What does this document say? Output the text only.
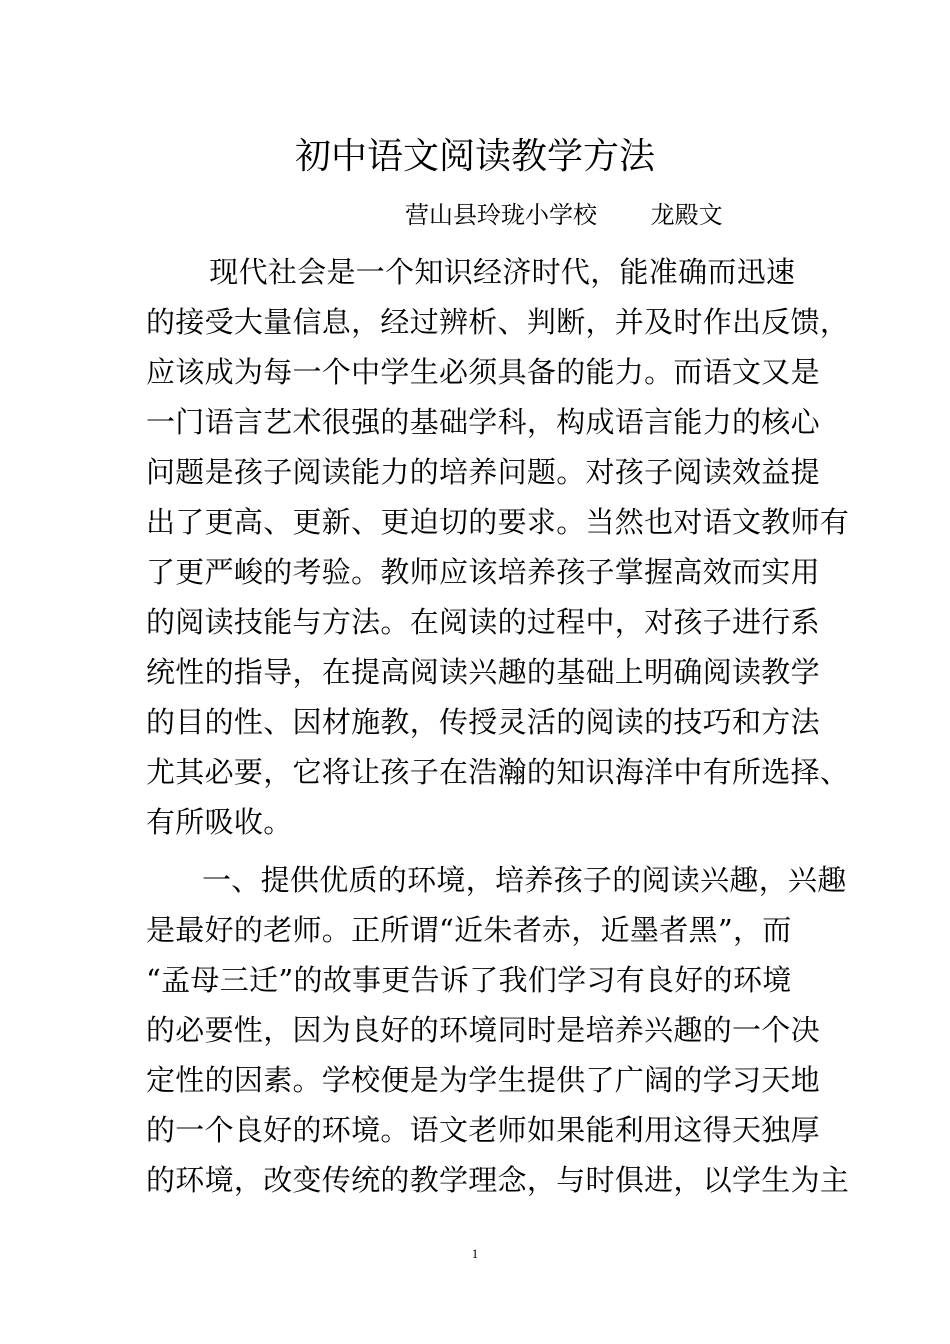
初中语文阅读教学方法
营山县玲珑小学校 龙殿文
　现代社会是一个知识经济时代，能准确而迅速
的接受大量信息，经过辨析、判断，并及时作出反馈，
应该成为每一个中学生必须具备的能力。而语文又是
一门语言艺术很强的基础学科，构成语言能力的核心
问题是孩子阅读能力的培养问题。对孩子阅读效益提
出了更高、更新、更迫切的要求。当然也对语文教师有
了更严峻的考验。教师应该培养孩子掌握高效而实用
的阅读技能与方法。在阅读的过程中，对孩子进行系
统性的指导，在提高阅读兴趣的基础上明确阅读教学
的目的性、因材施教，传授灵活的阅读的技巧和方法
尤其必要，它将让孩子在浩瀚的知识海洋中有所选择、
有所吸收。
一、提供优质的环境，培养孩子的阅读兴趣，兴趣
是最好的老师。正所谓“近朱者赤，近墨者黑”，而
“孟母三迁”的故事更告诉了我们学习有良好的环境
的必要性，因为良好的环境同时是培养兴趣的一个决
定性的因素。学校便是为学生提供了广阔的学习天地
的一个良好的环境。语文老师如果能利用这得天独厚
的环境，改变传统的教学理念，与时俱进，以学生为主
1
